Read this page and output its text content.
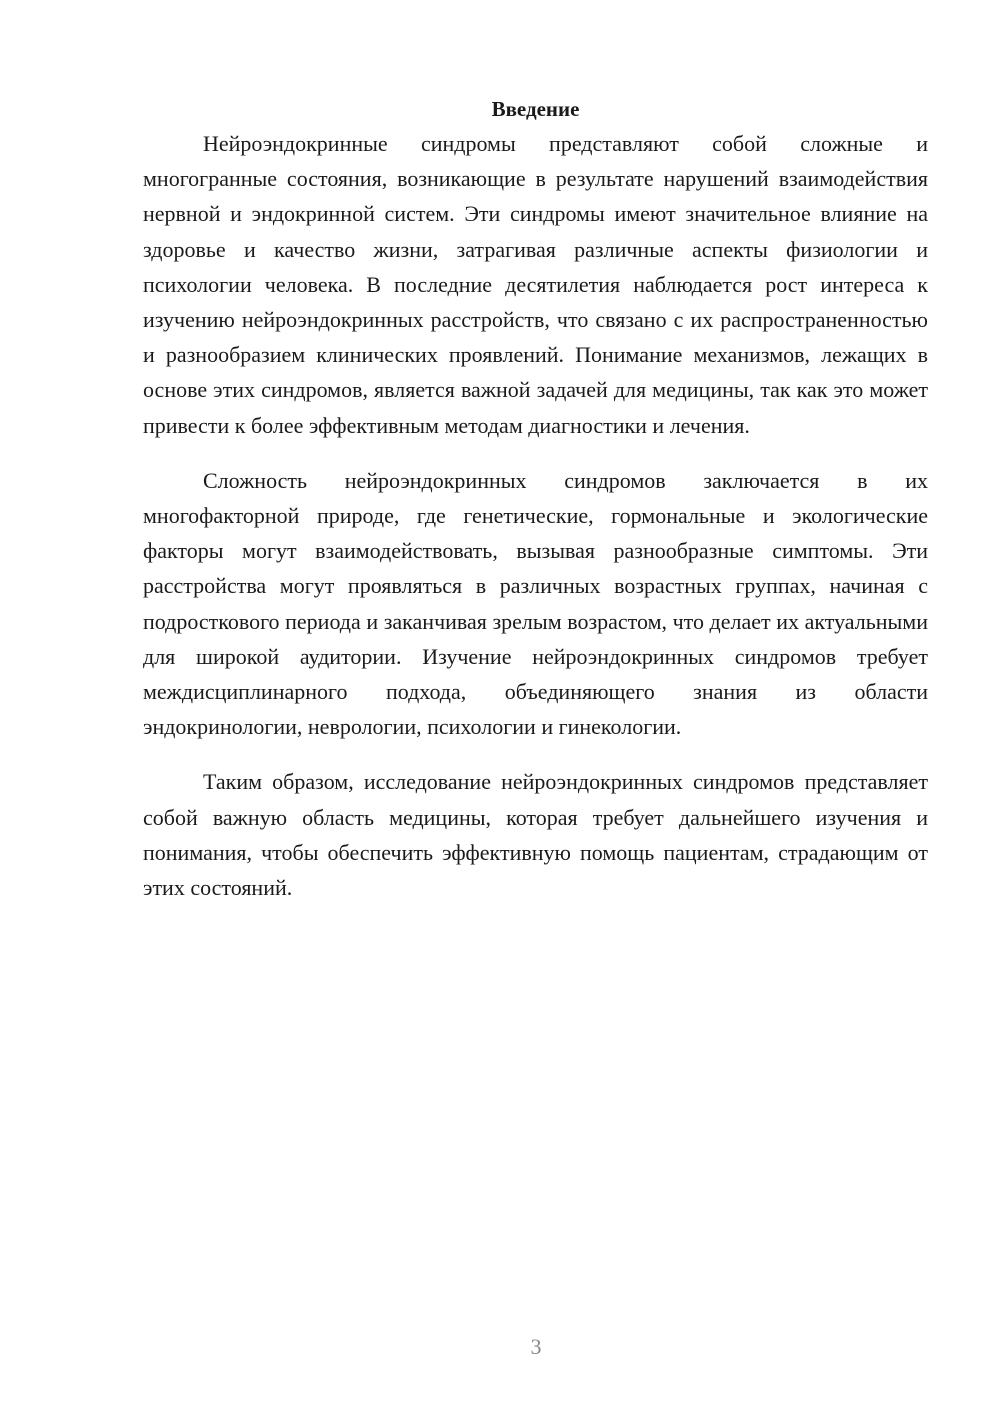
Введение

Нейроэндокринные синдромы представляют собой сложные и многогранные состояния, возникающие в результате нарушений взаимодействия нервной и эндокринной систем. Эти синдромы имеют значительное влияние на здоровье и качество жизни, затрагивая различные аспекты физиологии и психологии человека. В последние десятилетия наблюдается рост интереса к изучению нейроэндокринных расстройств, что связано с их распространенностью и разнообразием клинических проявлений. Понимание механизмов, лежащих в основе этих синдромов, является важной задачей для медицины, так как это может привести к более эффективным методам диагностики и лечения.

Сложность нейроэндокринных синдромов заключается в их многофакторной природе, где генетические, гормональные и экологические факторы могут взаимодействовать, вызывая разнообразные симптомы. Эти расстройства могут проявляться в различных возрастных группах, начиная с подросткового периода и заканчивая зрелым возрастом, что делает их актуальными для широкой аудитории. Изучение нейроэндокринных синдромов требует междисциплинарного подхода, объединяющего знания из области эндокринологии, неврологии, психологии и гинекологии.

Таким образом, исследование нейроэндокринных синдромов представляет собой важную область медицины, которая требует дальнейшего изучения и понимания, чтобы обеспечить эффективную помощь пациентам, страдающим от этих состояний.

3
